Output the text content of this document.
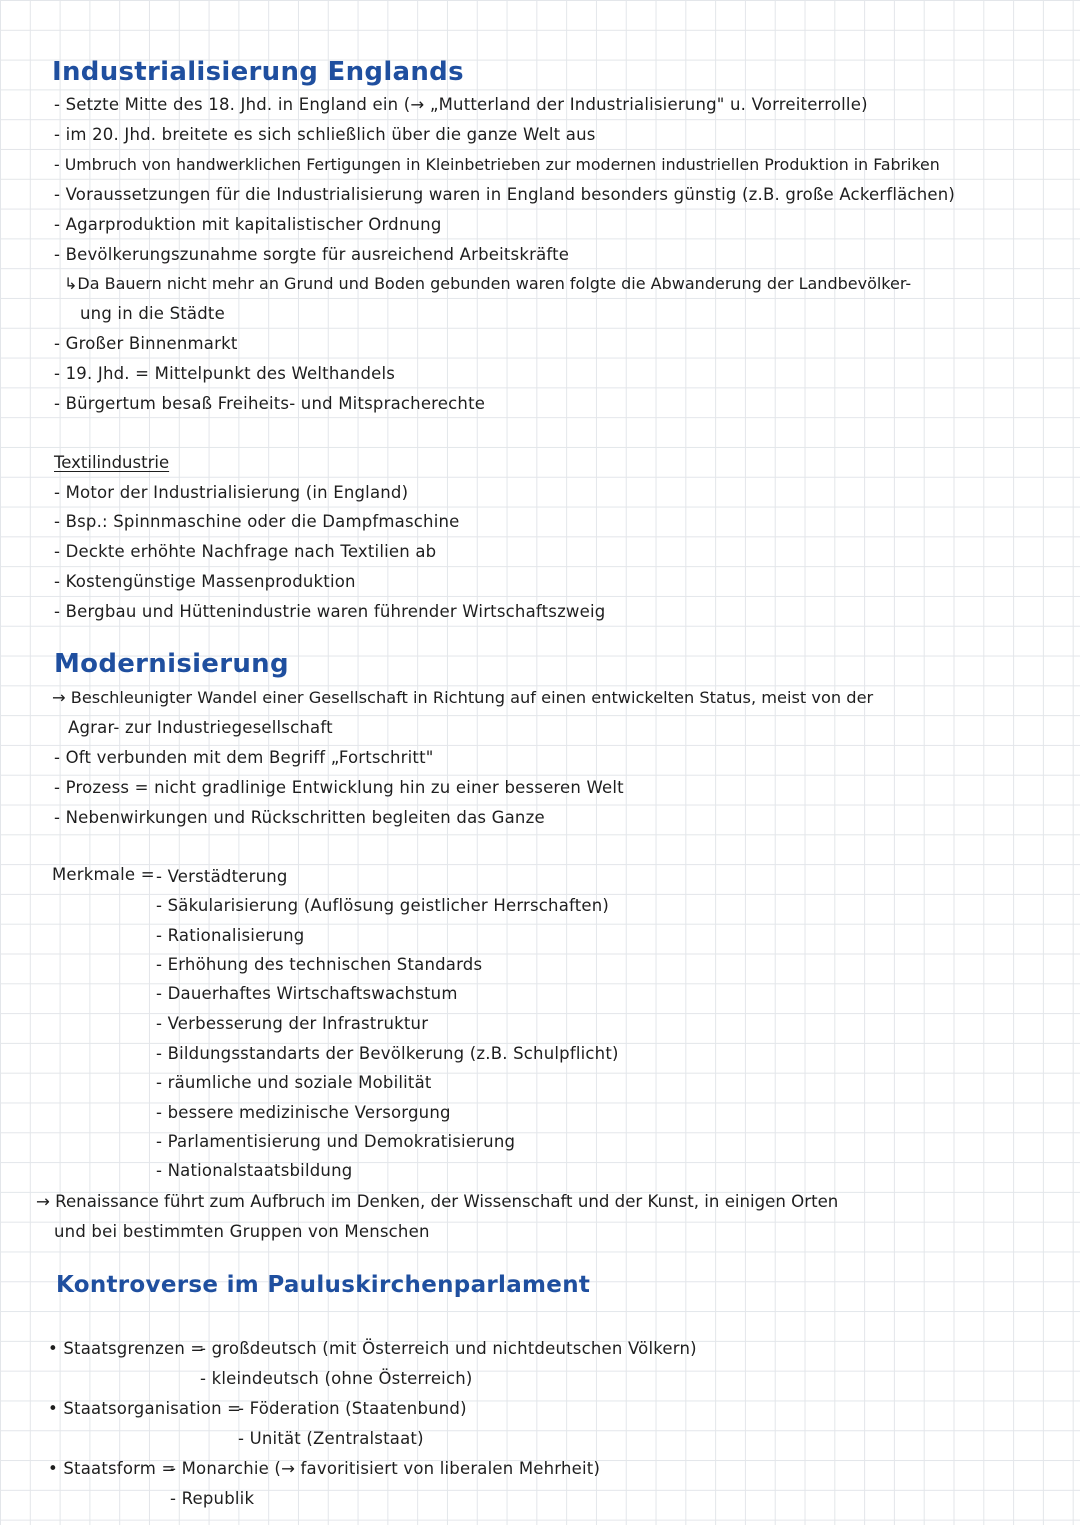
Industrialisierung Englands
- Setzte Mitte des 18. Jhd. in England ein (→ „Mutterland der Industrialisierung" u. Vorreiterrolle)
- im 20. Jhd. breitete es sich schließlich über die ganze Welt aus
- Umbruch von handwerklichen Fertigungen in Kleinbetrieben zur modernen industriellen Produktion in Fabriken
- Voraussetzungen für die Industrialisierung waren in England besonders günstig (z.B. große Ackerflächen)
- Agarproduktion mit kapitalistischer Ordnung
- Bevölkerungszunahme sorgte für ausreichend Arbeitskräfte
↳Da Bauern nicht mehr an Grund und Boden gebunden waren folgte die Abwanderung der Landbevölker-
ung in die Städte
- Großer Binnenmarkt
- 19. Jhd. = Mittelpunkt des Welthandels
- Bürgertum besaß Freiheits- und Mitspracherechte
Textilindustrie
- Motor der Industrialisierung (in England)
- Bsp.: Spinnmaschine oder die Dampfmaschine
- Deckte erhöhte Nachfrage nach Textilien ab
- Kostengünstige Massenproduktion
- Bergbau und Hüttenindustrie waren führender Wirtschaftszweig
Modernisierung
→ Beschleunigter Wandel einer Gesellschaft in Richtung auf einen entwickelten Status, meist von der
Agrar- zur Industriegesellschaft
- Oft verbunden mit dem Begriff „Fortschritt"
- Prozess = nicht gradlinige Entwicklung hin zu einer besseren Welt
- Nebenwirkungen und Rückschritten begleiten das Ganze
Merkmale = - Verstädterung
- Säkularisierung (Auflösung geistlicher Herrschaften)
- Rationalisierung
- Erhöhung des technischen Standards
- Dauerhaftes Wirtschaftswachstum
- Verbesserung der Infrastruktur
- Bildungsstandarts der Bevölkerung (z.B. Schulpflicht)
- räumliche und soziale Mobilität
- bessere medizinische Versorgung
- Parlamentisierung und Demokratisierung
- Nationalstaatsbildung
→ Renaissance führt zum Aufbruch im Denken, der Wissenschaft und der Kunst, in einigen Orten
und bei bestimmten Gruppen von Menschen
Kontroverse im Pauluskirchenparlament
• Staatsgrenzen =
- großdeutsch (mit Österreich und nichtdeutschen Völkern)
- kleindeutsch (ohne Österreich)
• Staatsorganisation =
- Föderation (Staatenbund)
- Unität (Zentralstaat)
• Staatsform =
- Monarchie (→ favoritisiert von liberalen Mehrheit)
- Republik
